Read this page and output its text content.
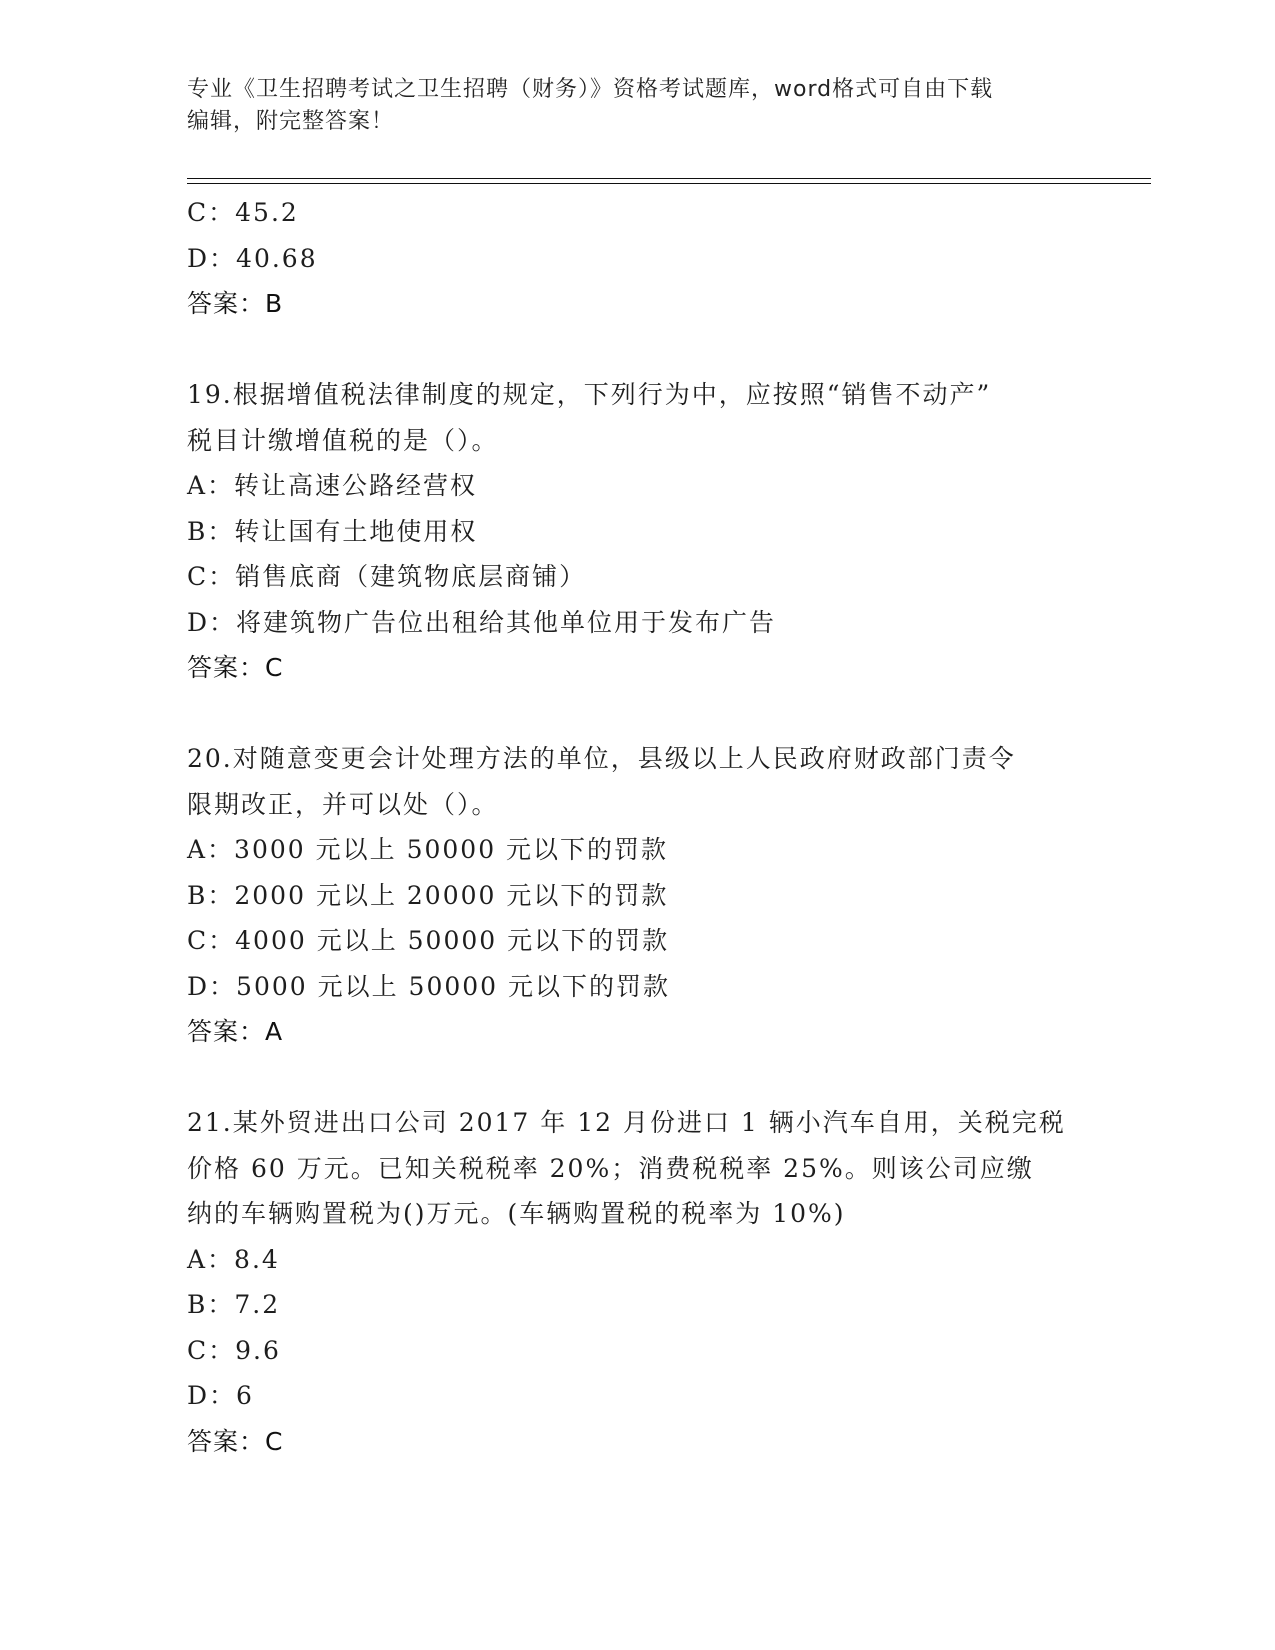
专业《卫生招聘考试之卫生招聘（财务）》资格考试题库，word格式可自由下载
编辑，附完整答案！
C：45.2
D：40.68
答案：B
19.根据增值税法律制度的规定，下列行为中，应按照“销售不动产”
税目计缴增值税的是（）。
A：转让高速公路经营权
B：转让国有土地使用权
C：销售底商（建筑物底层商铺）
D：将建筑物广告位出租给其他单位用于发布广告
答案：C
20.对随意变更会计处理方法的单位，县级以上人民政府财政部门责令
限期改正，并可以处（）。
A：3000 元以上 50000 元以下的罚款
B：2000 元以上 20000 元以下的罚款
C：4000 元以上 50000 元以下的罚款
D：5000 元以上 50000 元以下的罚款
答案：A
21.某外贸进出口公司 2017 年 12 月份进口 1 辆小汽车自用，关税完税
价格 60 万元。已知关税税率 20%；消费税税率 25%。则该公司应缴
纳的车辆购置税为()万元。(车辆购置税的税率为 10%)
A：8.4
B：7.2
C：9.6
D：6
答案：C
